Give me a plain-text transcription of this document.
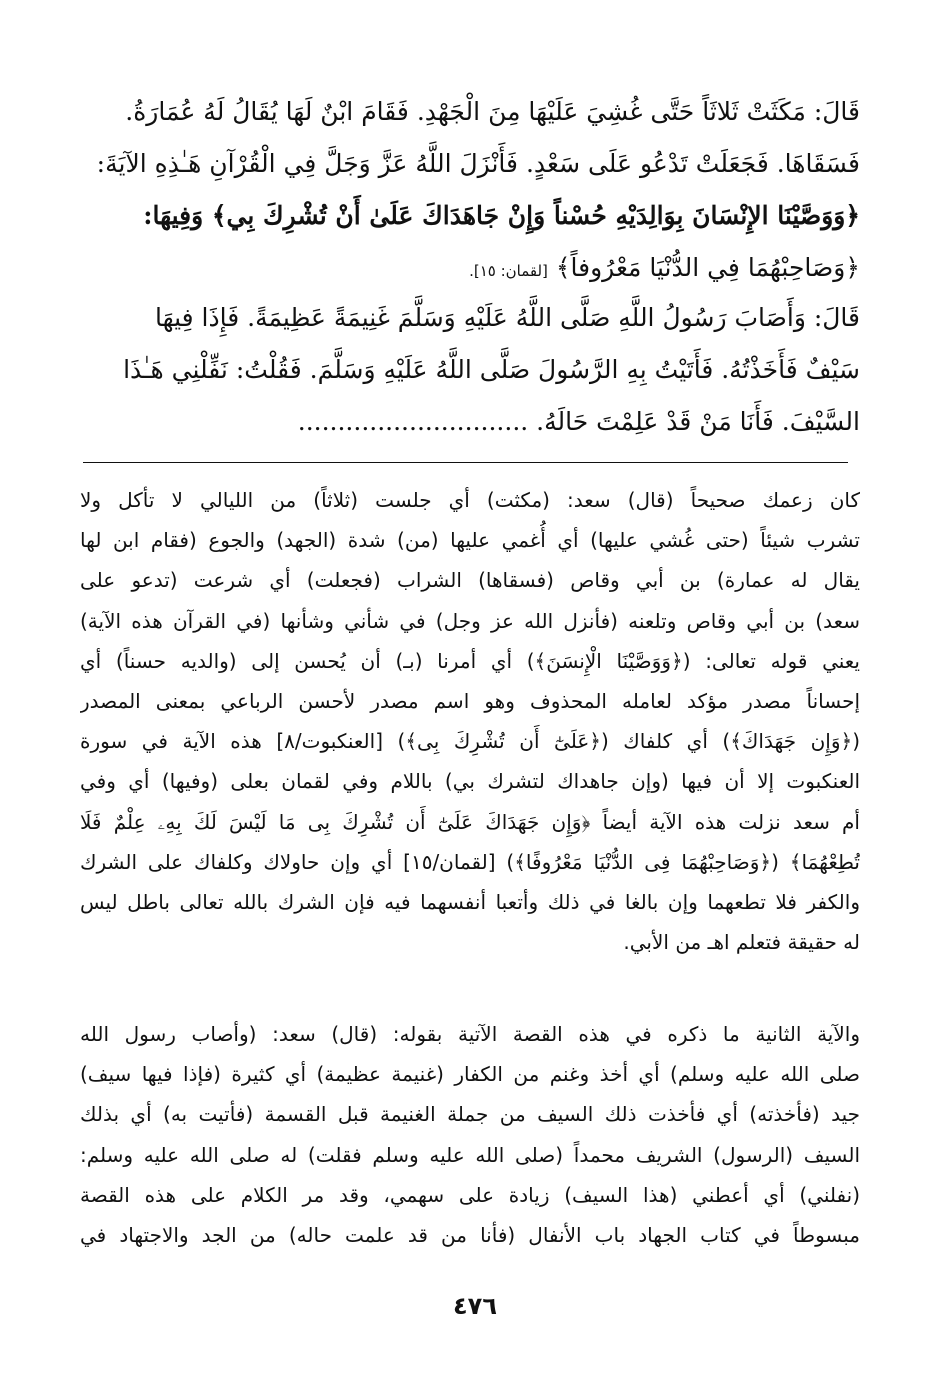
قَالَ: مَكَثَتْ ثَلاثَاً حَتَّى غُشِيَ عَلَيْهَا مِنَ الْجَهْدِ. فَقَامَ ابْنٌ لَهَا يُقَالُ لَهُ عُمَارَةُ.
فَسَقَاهَا. فَجَعَلَتْ تَدْعُو عَلَى سَعْدٍ. فَأَنْزَلَ اللَّهُ عَزَّ وَجَلَّ فِي الْقُرْآنِ هَـٰذِهِ الآيَةَ:
﴿وَوَصَّيْنَا الإِنْسَانَ بِوَالِدَيْهِ حُسْناً وَإِنْ جَاهَدَاكَ عَلَىٰ أَنْ تُشْرِكَ بِي﴾ وَفِيهَا:
﴿وَصَاحِبْهُمَا فِي الدُّنْيَا مَعْرُوفاً﴾ [لقمان: ١٥].
قَالَ: وَأَصَابَ رَسُولُ اللَّهِ صَلَّى اللَّهُ عَلَيْهِ وَسَلَّمَ غَنِيمَةً عَظِيمَةً. فَإِذَا فِيهَا
سَيْفٌ فَأَخَذْتُهُ. فَأَتَيْتُ بِهِ الرَّسُولَ صَلَّى اللَّهُ عَلَيْهِ وَسَلَّمَ. فَقُلْتُ: نَفِّلْنِي هَـٰذَا
السَّيْفَ. فَأَنَا مَنْ قَدْ عَلِمْتَ حَالَهُ. .............................
كان زعمك صحيحاً (قال) سعد: (مكثت) أي جلست (ثلاثاً) من الليالي لا تأكل ولا
تشرب شيئاً (حتى غُشي عليها) أي أُغمي عليها (من) شدة (الجهد) والجوع (فقام ابن لها
يقال له عمارة) بن أبي وقاص (فسقاها) الشراب (فجعلت) أي شرعت (تدعو على
سعد) بن أبي وقاص وتلعنه (فأنزل الله عز وجل) في شأني وشأنها (في القرآن هذه الآية)
يعني قوله تعالى: (﴿وَوَصَّيْنَا الْإِنسَنَ﴾) أي أمرنا (بـ) أن يُحسن إلى (والديه حسناً) أي
إحساناً مصدر مؤكد لعامله المحذوف وهو اسم مصدر لأحسن الرباعي بمعنى المصدر
(﴿وَإِن جَهَدَاكَ﴾) أي كلفاك (﴿عَلَىٰٓ أَن تُشْرِكَ بِى﴾) [العنكبوت/٨] هذه الآية في سورة
العنكبوت إلا أن فيها (وإن جاهداك لتشرك بي) باللام وفي لقمان بعلى (وفيها) أي وفي
أم سعد نزلت هذه الآية أيضاً ﴿وَإِن جَهَدَاكَ عَلَىٰٓ أَن تُشْرِكَ بِى مَا لَيْسَ لَكَ بِهِۦ عِلْمٌ فَلَا
تُطِعْهُمَا﴾ (﴿وَصَاحِبْهُمَا فِى الدُّنْيَا مَعْرُوفًا﴾) [لقمان/١٥] أي وإن حاولاك وكلفاك على الشرك
والكفر فلا تطعهما وإن بالغا في ذلك وأتعبا أنفسهما فيه فإن الشرك بالله تعالى باطل ليس
له حقيقة فتعلم اهـ من الأبي.
والآية الثانية ما ذكره في هذه القصة الآتية بقوله: (قال) سعد: (وأصاب رسول الله
صلى الله عليه وسلم) أي أخذ وغنم من الكفار (غنيمة عظيمة) أي كثيرة (فإذا فيها سيف)
جيد (فأخذته) أي فأخذت ذلك السيف من جملة الغنيمة قبل القسمة (فأتيت به) أي بذلك
السيف (الرسول) الشريف محمداً (صلى الله عليه وسلم فقلت) له صلى الله عليه وسلم:
(نفلني) أي أعطني (هذا السيف) زيادة على سهمي، وقد مر الكلام على هذه القصة
مبسوطاً في كتاب الجهاد باب الأنفال (فأنا من قد علمت حاله) من الجد والاجتهاد في
٤٧٦
